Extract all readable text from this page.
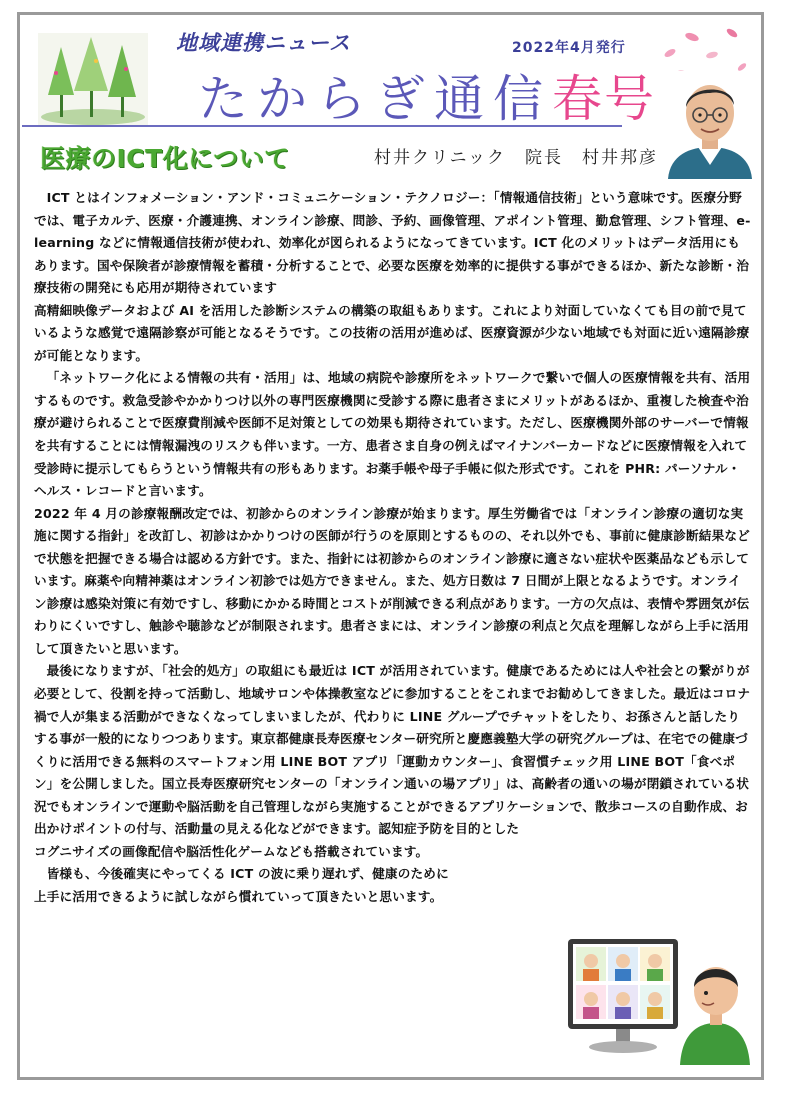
地域連携ニュース	2022年4月発行
たからぎ通信春号
医療のICT化について	村井クリニック　院長　村井邦彦

ICT とはインフォメーション・アンド・コミュニケーション・テクノロジー：「情報通信技術」という意味です。医療分野では、電子カルテ、医療・介護連携、オンライン診療、問診、予約、画像管理、アポイント管理、勤怠管理、シフト管理、e-learning などに情報通信技術が使われ、効率化が図られるようになってきています。ICT 化のメリットはデータ活用にもあります。国や保険者が診療情報を蓄積・分析することで、必要な医療を効率的に提供する事ができるほか、新たな診断・治療技術の開発にも応用が期待されています

高精細映像データおよび AI を活用した診断システムの構築の取組もあります。これにより対面していなくても目の前で見ているような感覚で遠隔診察が可能となるそうです。この技術の活用が進めば、医療資源が少ない地域でも対面に近い遠隔診療が可能となります。

「ネットワーク化による情報の共有・活用」は、地域の病院や診療所をネットワークで繋いで個人の医療情報を共有、活用するものです。救急受診やかかりつけ以外の専門医療機関に受診する際に患者さまにメリットがあるほか、重複した検査や治療が避けられることで医療費削減や医師不足対策としての効果も期待されています。ただし、医療機関外部のサーバーで情報を共有することには情報漏洩のリスクも伴います。一方、患者さま自身の例えばマイナンバーカードなどに医療情報を入れて受診時に提示してもらうという情報共有の形もあります。お薬手帳や母子手帳に似た形式です。これを PHR: パーソナル・ヘルス・レコードと言います。

2022 年 4 月の診療報酬改定では、初診からのオンライン診療が始まります。厚生労働省では「オンライン診療の適切な実施に関する指針」を改訂し、初診はかかりつけの医師が行うのを原則とするものの、それ以外でも、事前に健康診断結果などで状態を把握できる場合は認める方針です。また、指針には初診からのオンライン診療に適さない症状や医薬品なども示しています。麻薬や向精神薬はオンライン初診では処方できません。また、処方日数は 7 日間が上限となるようです。オンライン診療は感染対策に有効ですし、移動にかかる時間とコストが削減できる利点があります。一方の欠点は、表情や雰囲気が伝わりにくいですし、触診や聴診などが制限されます。患者さまには、オンライン診療の利点と欠点を理解しながら上手に活用して頂きたいと思います。

最後になりますが、「社会的処方」の取組にも最近は ICT が活用されています。健康であるためには人や社会との繋がりが必要として、役割を持って活動し、地域サロンや体操教室などに参加することをこれまでお勧めしてきました。最近はコロナ禍で人が集まる活動ができなくなってしまいましたが、代わりに LINE グループでチャットをしたり、お孫さんと話したりする事が一般的になりつつあります。東京都健康長寿医療センター研究所と慶應義塾大学の研究グループは、在宅での健康づくりに活用できる無料のスマートフォン用 LINE BOT アプリ「運動カウンター」、食習慣チェック用 LINE BOT「食べポン」を公開しました。国立長寿医療研究センターの「オンライン通いの場アプリ」は、高齢者の通いの場が閉鎖されている状況でもオンラインで運動や脳活動を自己管理しながら実施することができるアプリケーションで、散歩コースの自動作成、お出かけポイントの付与、活動量の見える化などができます。認知症予防を目的とした

コグニサイズの画像配信や脳活性化ゲームなども搭載されています。

皆様も、今後確実にやってくる ICT の波に乗り遅れず、健康のために

上手に活用できるように試しながら慣れていって頂きたいと思います。
